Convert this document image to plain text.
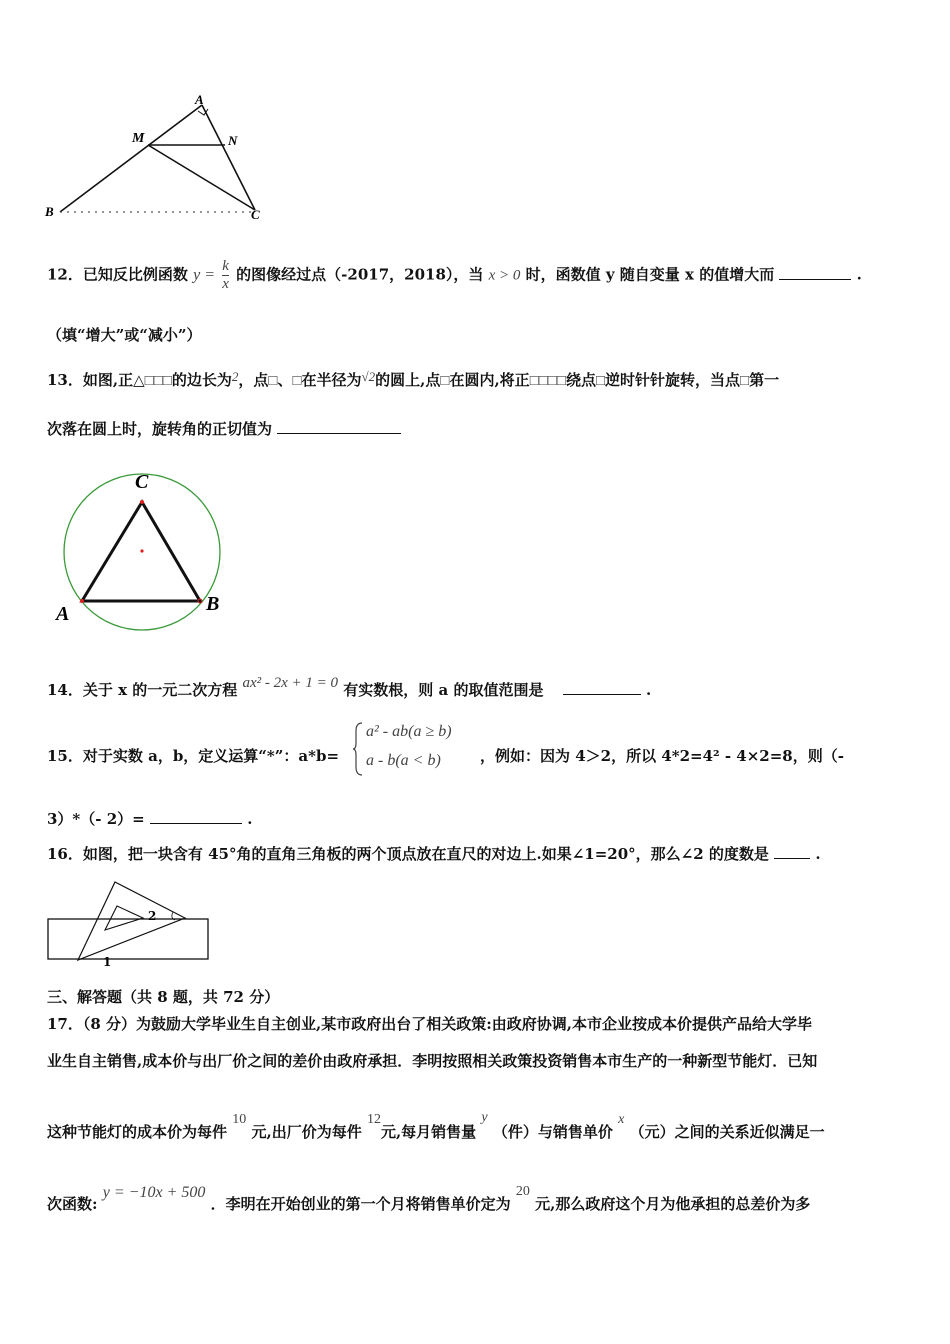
A
M	N
B	C
12．已知反比例函数 $y = \frac{k}{x}$ 的图像经过点（-2017，2018），当 x > 0 时，函数值 y 随自变量 x 的值增大而	.
（填“增大”或“减小”）
13．如图,正△□□□的边长为2，点□、□在半径为√2的圆上,点□在圆内,将正□□□□绕点□逆时针针旋转，当点□第一
次落在圆上时，旋转角的正切值为
C
A	B
14．关于 x 的一元二次方程 ax² - 2x + 1 = 0 有实数根，则 a 的取值范围是	.
15．对于实数 a，b，定义运算“*”：a*b=
a² - ab(a ≥ b)
a - b(a < b)	，例如：因为 4＞2，所以 4*2=4² - 4×2=8，则（-
3）*（- 2）=	.
16．如图，把一块含有 45°角的直角三角板的两个顶点放在直尺的对边上.如果∠1=20°，那么∠2 的度数是	.
1
2
三、解答题（共 8 题，共 72 分）
17．（8 分）为鼓励大学毕业生自主创业,某市政府出台了相关政策:由政府协调,本市企业按成本价提供产品给大学毕
业生自主销售,成本价与出厂价之间的差价由政府承担．李明按照相关政策投资销售本市生产的一种新型节能灯．已知
这种节能灯的成本价为每件 10 元,出厂价为每件 12元,每月销售量 y （件）与销售单价 x （元）之间的关系近似满足一
次函数: y = −10x + 500 ．李明在开始创业的第一个月将销售单价定为 20 元,那么政府这个月为他承担的总差价为多
